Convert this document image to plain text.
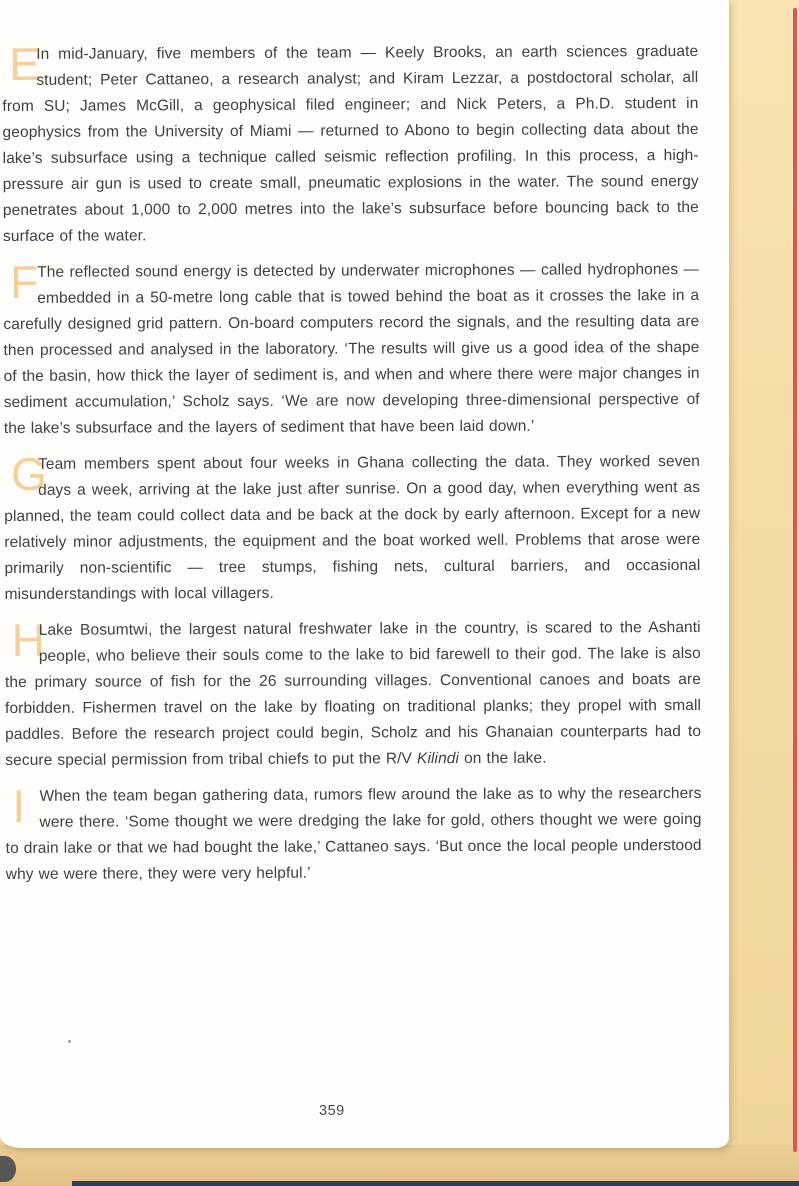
E
In mid-January, five members of the team — Keely Brooks, an earth sciences graduate student; Peter Cattaneo, a research analyst; and Kiram Lezzar, a postdoctoral scholar, all from SU; James McGill, a geophysical filed engineer; and Nick Peters, a Ph.D. student in geophysics from the University of Miami — returned to Abono to begin collecting data about the lake’s subsurface using a technique called seismic reflection profiling. In this process, a high-pressure air gun is used to create small, pneumatic explosions in the water. The sound energy penetrates about 1,000 to 2,000 metres into the lake’s subsurface before bouncing back to the surface of the water.
F
The reflected sound energy is detected by underwater microphones — called hydrophones — embedded in a 50-metre long cable that is towed behind the boat as it crosses the lake in a carefully designed grid pattern. On-board computers record the signals, and the resulting data are then processed and analysed in the laboratory. ‘The results will give us a good idea of the shape of the basin, how thick the layer of sediment is, and when and where there were major changes in sediment accumulation,’ Scholz says. ‘We are now developing three-dimensional perspective of the lake’s subsurface and the layers of sediment that have been laid down.’
G
Team members spent about four weeks in Ghana collecting the data. They worked seven days a week, arriving at the lake just after sunrise. On a good day, when everything went as planned, the team could collect data and be back at the dock by early afternoon. Except for a new relatively minor adjustments, the equipment and the boat worked well. Problems that arose were primarily non-scientific — tree stumps, fishing nets, cultural barriers, and occasional misunderstandings with local villagers.
H
Lake Bosumtwi, the largest natural freshwater lake in the country, is scared to the Ashanti people, who believe their souls come to the lake to bid farewell to their god. The lake is also the primary source of fish for the 26 surrounding villages. Conventional canoes and boats are forbidden. Fishermen travel on the lake by floating on traditional planks; they propel with small paddles. Before the research project could begin, Scholz and his Ghanaian counterparts had to secure special permission from tribal chiefs to put the R/V Kilindi on the lake.
I When the team began gathering data, rumors flew around the lake as to why the researchers were there. ‘Some thought we were dredging the lake for gold, others thought we were going to drain lake or that we had bought the lake,’ Cattaneo says. ‘But once the local people understood why we were there, they were very helpful.’
359
